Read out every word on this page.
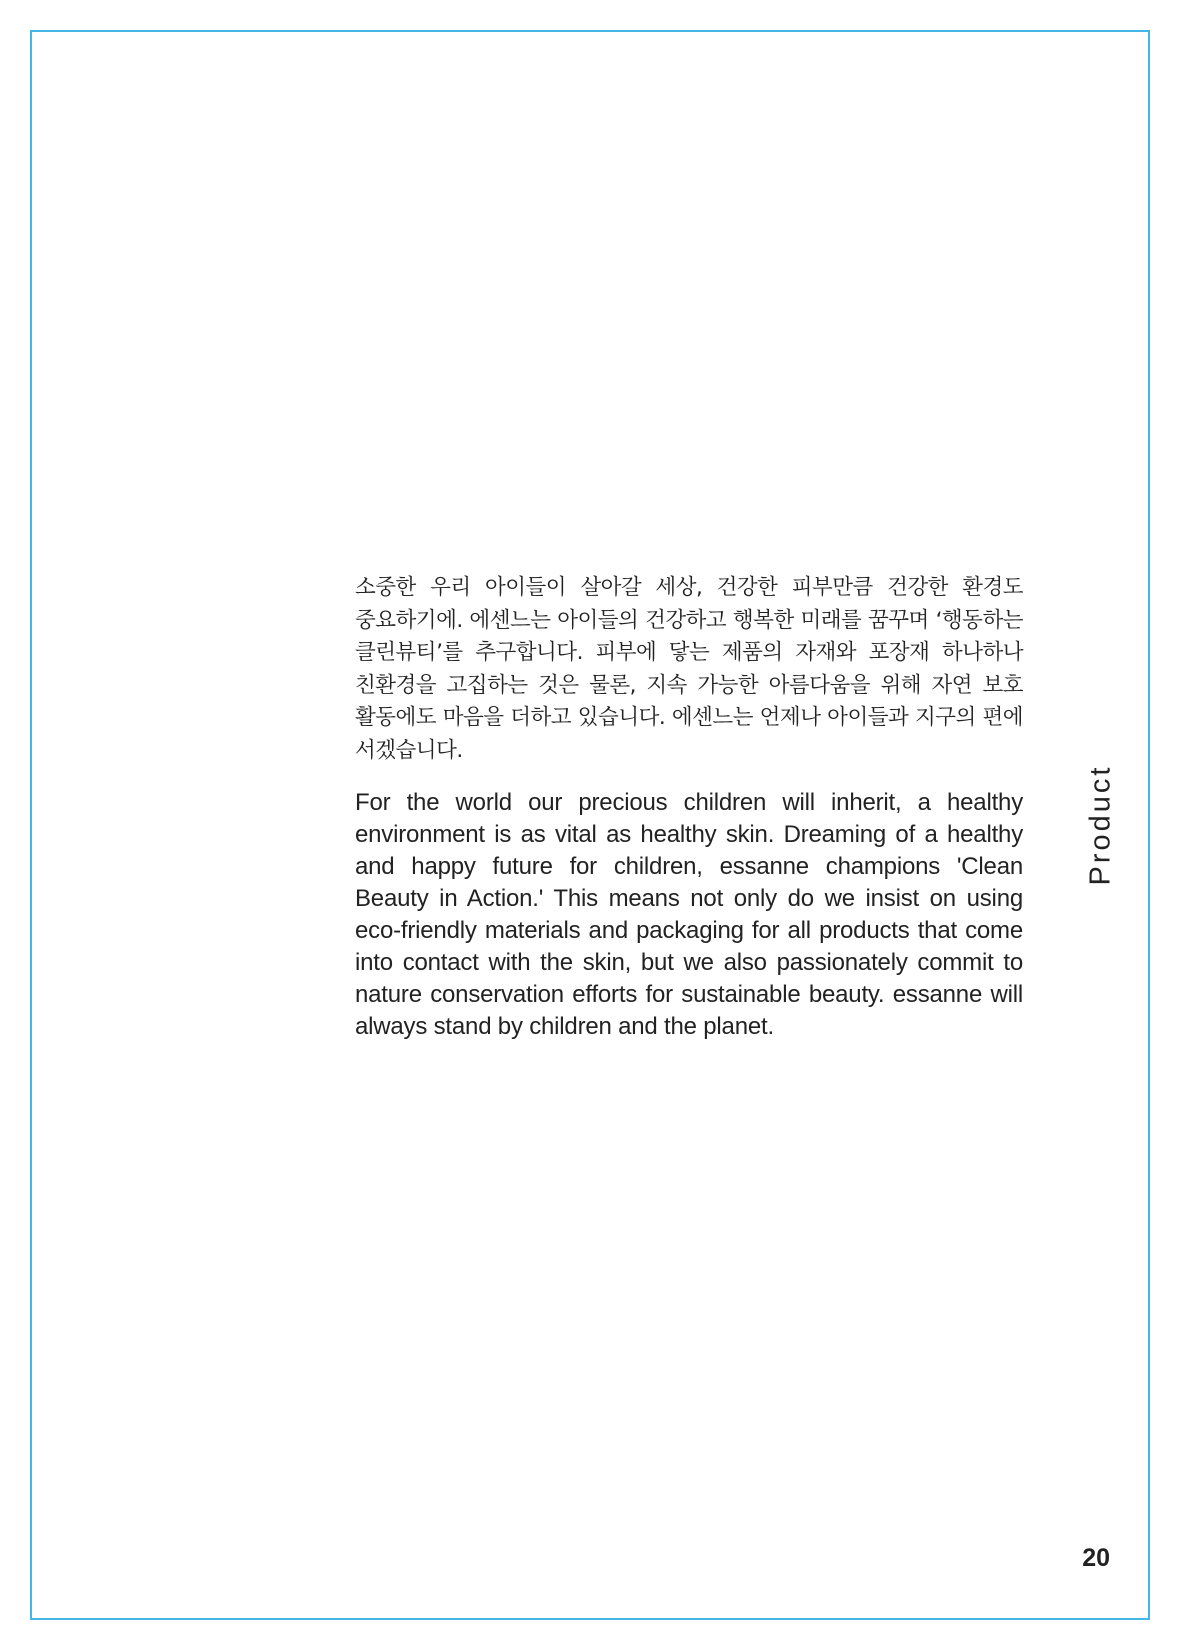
소중한 우리 아이들이 살아갈 세상, 건강한 피부만큼 건강한 환경도 중요하기에. 에센느는 아이들의 건강하고 행복한 미래를 꿈꾸며 ‘행동하는 클린뷰티’를 추구합니다. 피부에 닿는 제품의 자재와 포장재 하나하나 친환경을 고집하는 것은 물론, 지속 가능한 아름다움을 위해 자연 보호 활동에도 마음을 더하고 있습니다. 에센느는 언제나 아이들과 지구의 편에 서겠습니다.

For the world our precious children will inherit, a healthy environment is as vital as healthy skin. Dreaming of a healthy and happy future for children, essanne champions 'Clean Beauty in Action.' This means not only do we insist on using eco-friendly materials and packaging for all products that come into contact with the skin, but we also passionately commit to nature conservation efforts for sustainable beauty. essanne will always stand by children and the planet.

Product
20
